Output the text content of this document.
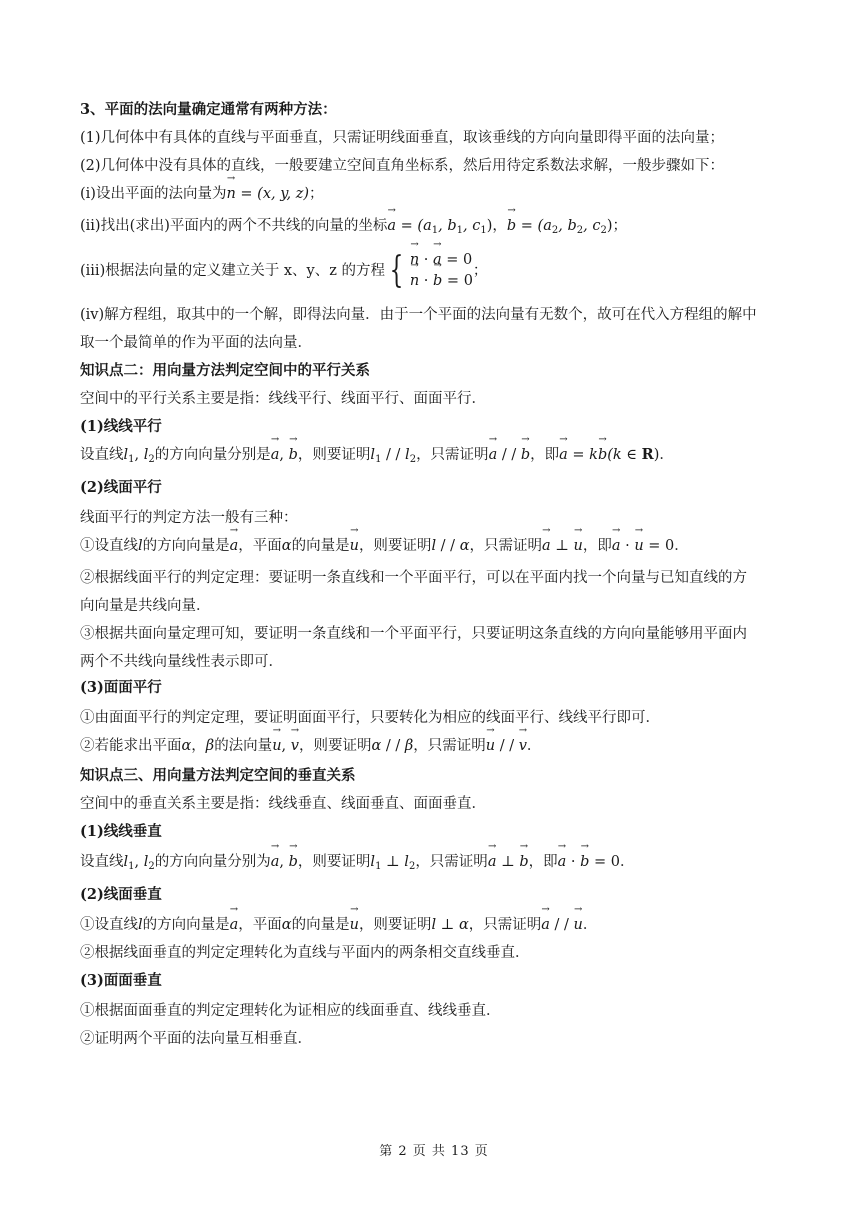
3、平面的法向量确定通常有两种方法：
(1)几何体中有具体的直线与平面垂直，只需证明线面垂直，取该垂线的方向向量即得平面的法向量；
(2)几何体中没有具体的直线，一般要建立空间直角坐标系，然后用待定系数法求解，一般步骤如下：
(i)设出平面的法向量为→ n = (x, y, z)；
(ii)找出(求出)平面内的两个不共线的向量的坐标→ $a = (a_1$, $b_1$, $c_1$)，→ $b = (a_2$, $b_2$, $c_2$)；
(iii)根据法向量的定义建立关于 x、y、z 的方程 {
→ n · → a = 0
→ n · → b = 0
；
(iv)解方程组，取其中的一个解，即得法向量．由于一个平面的法向量有无数个，故可在代入方程组的解中
取一个最简单的作为平面的法向量．
知识点二：用向量方法判定空间中的平行关系
空间中的平行关系主要是指：线线平行、线面平行、面面平行．
(1)线线平行
设直线$l_1$, $l_2$的方向向量分别是→ a, → b，则要证明$l_1$ / / $l_2$，只需证明→ a / / → b，即→ a = k→ b(k ∈ R)．
(2)线面平行
线面平行的判定方法一般有三种：
①设直线l的方向向量是→ a，平面α的向量是→ u，则要证明l / / α，只需证明→ a ⊥ → u，即→ a · → u = 0．
②根据线面平行的判定定理：要证明一条直线和一个平面平行，可以在平面内找一个向量与已知直线的方
向向量是共线向量．
③根据共面向量定理可知，要证明一条直线和一个平面平行，只要证明这条直线的方向向量能够用平面内
两个不共线向量线性表示即可．
(3)面面平行
①由面面平行的判定定理，要证明面面平行，只要转化为相应的线面平行、线线平行即可．
②若能求出平面α，β的法向量→ u, → v，则要证明α / / β，只需证明→ u / / → v．
知识点三、用向量方法判定空间的垂直关系
空间中的垂直关系主要是指：线线垂直、线面垂直、面面垂直．
(1)线线垂直
设直线$l_1$, $l_2$的方向向量分别为→ a, → b，则要证明$l_1$ ⊥ $l_2$，只需证明→ a ⊥ → b，即→ a · → b = 0．
(2)线面垂直
①设直线l的方向向量是→ a，平面α的向量是→ u，则要证明l ⊥ α，只需证明→ a / / → u．
②根据线面垂直的判定定理转化为直线与平面内的两条相交直线垂直．
(3)面面垂直
①根据面面垂直的判定定理转化为证相应的线面垂直、线线垂直．
②证明两个平面的法向量互相垂直．
第 2 页 共 13 页
